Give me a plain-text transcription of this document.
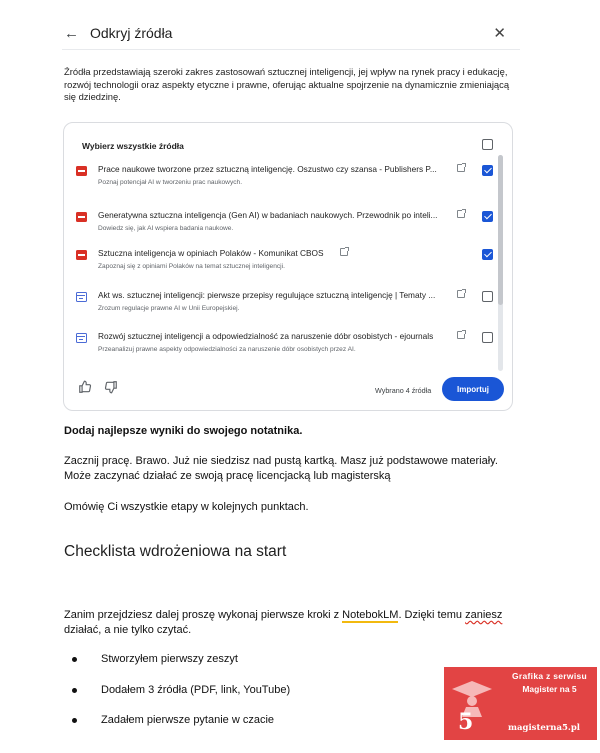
← Odkryj źródła	✕

Źródła przedstawiają szeroki zakres zastosowań sztucznej inteligencji, jej wpływ na rynek pracy i edukację, rozwój technologii oraz aspekty etyczne i prawne, oferując aktualne spojrzenie na dynamicznie zmieniającą się dziedzinę.

Wybierz wszystkie źródła
Prace naukowe tworzone przez sztuczną inteligencję. Oszustwo czy szansa - Publishers P...
Poznaj potencjał AI w tworzeniu prac naukowych.
Generatywna sztuczna inteligencja (Gen AI) w badaniach naukowych. Przewodnik po inteli...
Dowiedz się, jak AI wspiera badania naukowe.
Sztuczna inteligencja w opiniach Polaków - Komunikat CBOS
Zapoznaj się z opiniami Polaków na temat sztucznej inteligencji.
Akt ws. sztucznej inteligencji: pierwsze przepisy regulujące sztuczną inteligencję | Tematy ...
Zrozum regulacje prawne AI w Unii Europejskiej.
Rozwój sztucznej inteligencji a odpowiedzialność za naruszenie dóbr osobistych - ejournals
Przeanalizuj prawne aspekty odpowiedzialności za naruszenie dóbr osobistych przez AI.
Wybrano 4 źródła	Importuj

Dodaj najlepsze wyniki do swojego notatnika.

Zacznij pracę. Brawo. Już nie siedzisz nad pustą kartką. Masz już podstawowe materiały.

Może zaczynać działać ze swoją pracę licencjacką lub magisterską

Omówię Ci wszystkie etapy w kolejnych punktach.

Checklista wdrożeniowa na start

Zanim przejdziesz dalej proszę wykonaj pierwsze kroki z NotebokLM. Dzięki temu zaniesz

działać, a nie tylko czytać.

Stworzyłem pierwszy zeszyt
Dodałem 3 źródła (PDF, link, YouTube)
Zadałem pierwsze pytanie w czacie
Grafika z serwisu
Magister na 5
5	magisterna5.pl
